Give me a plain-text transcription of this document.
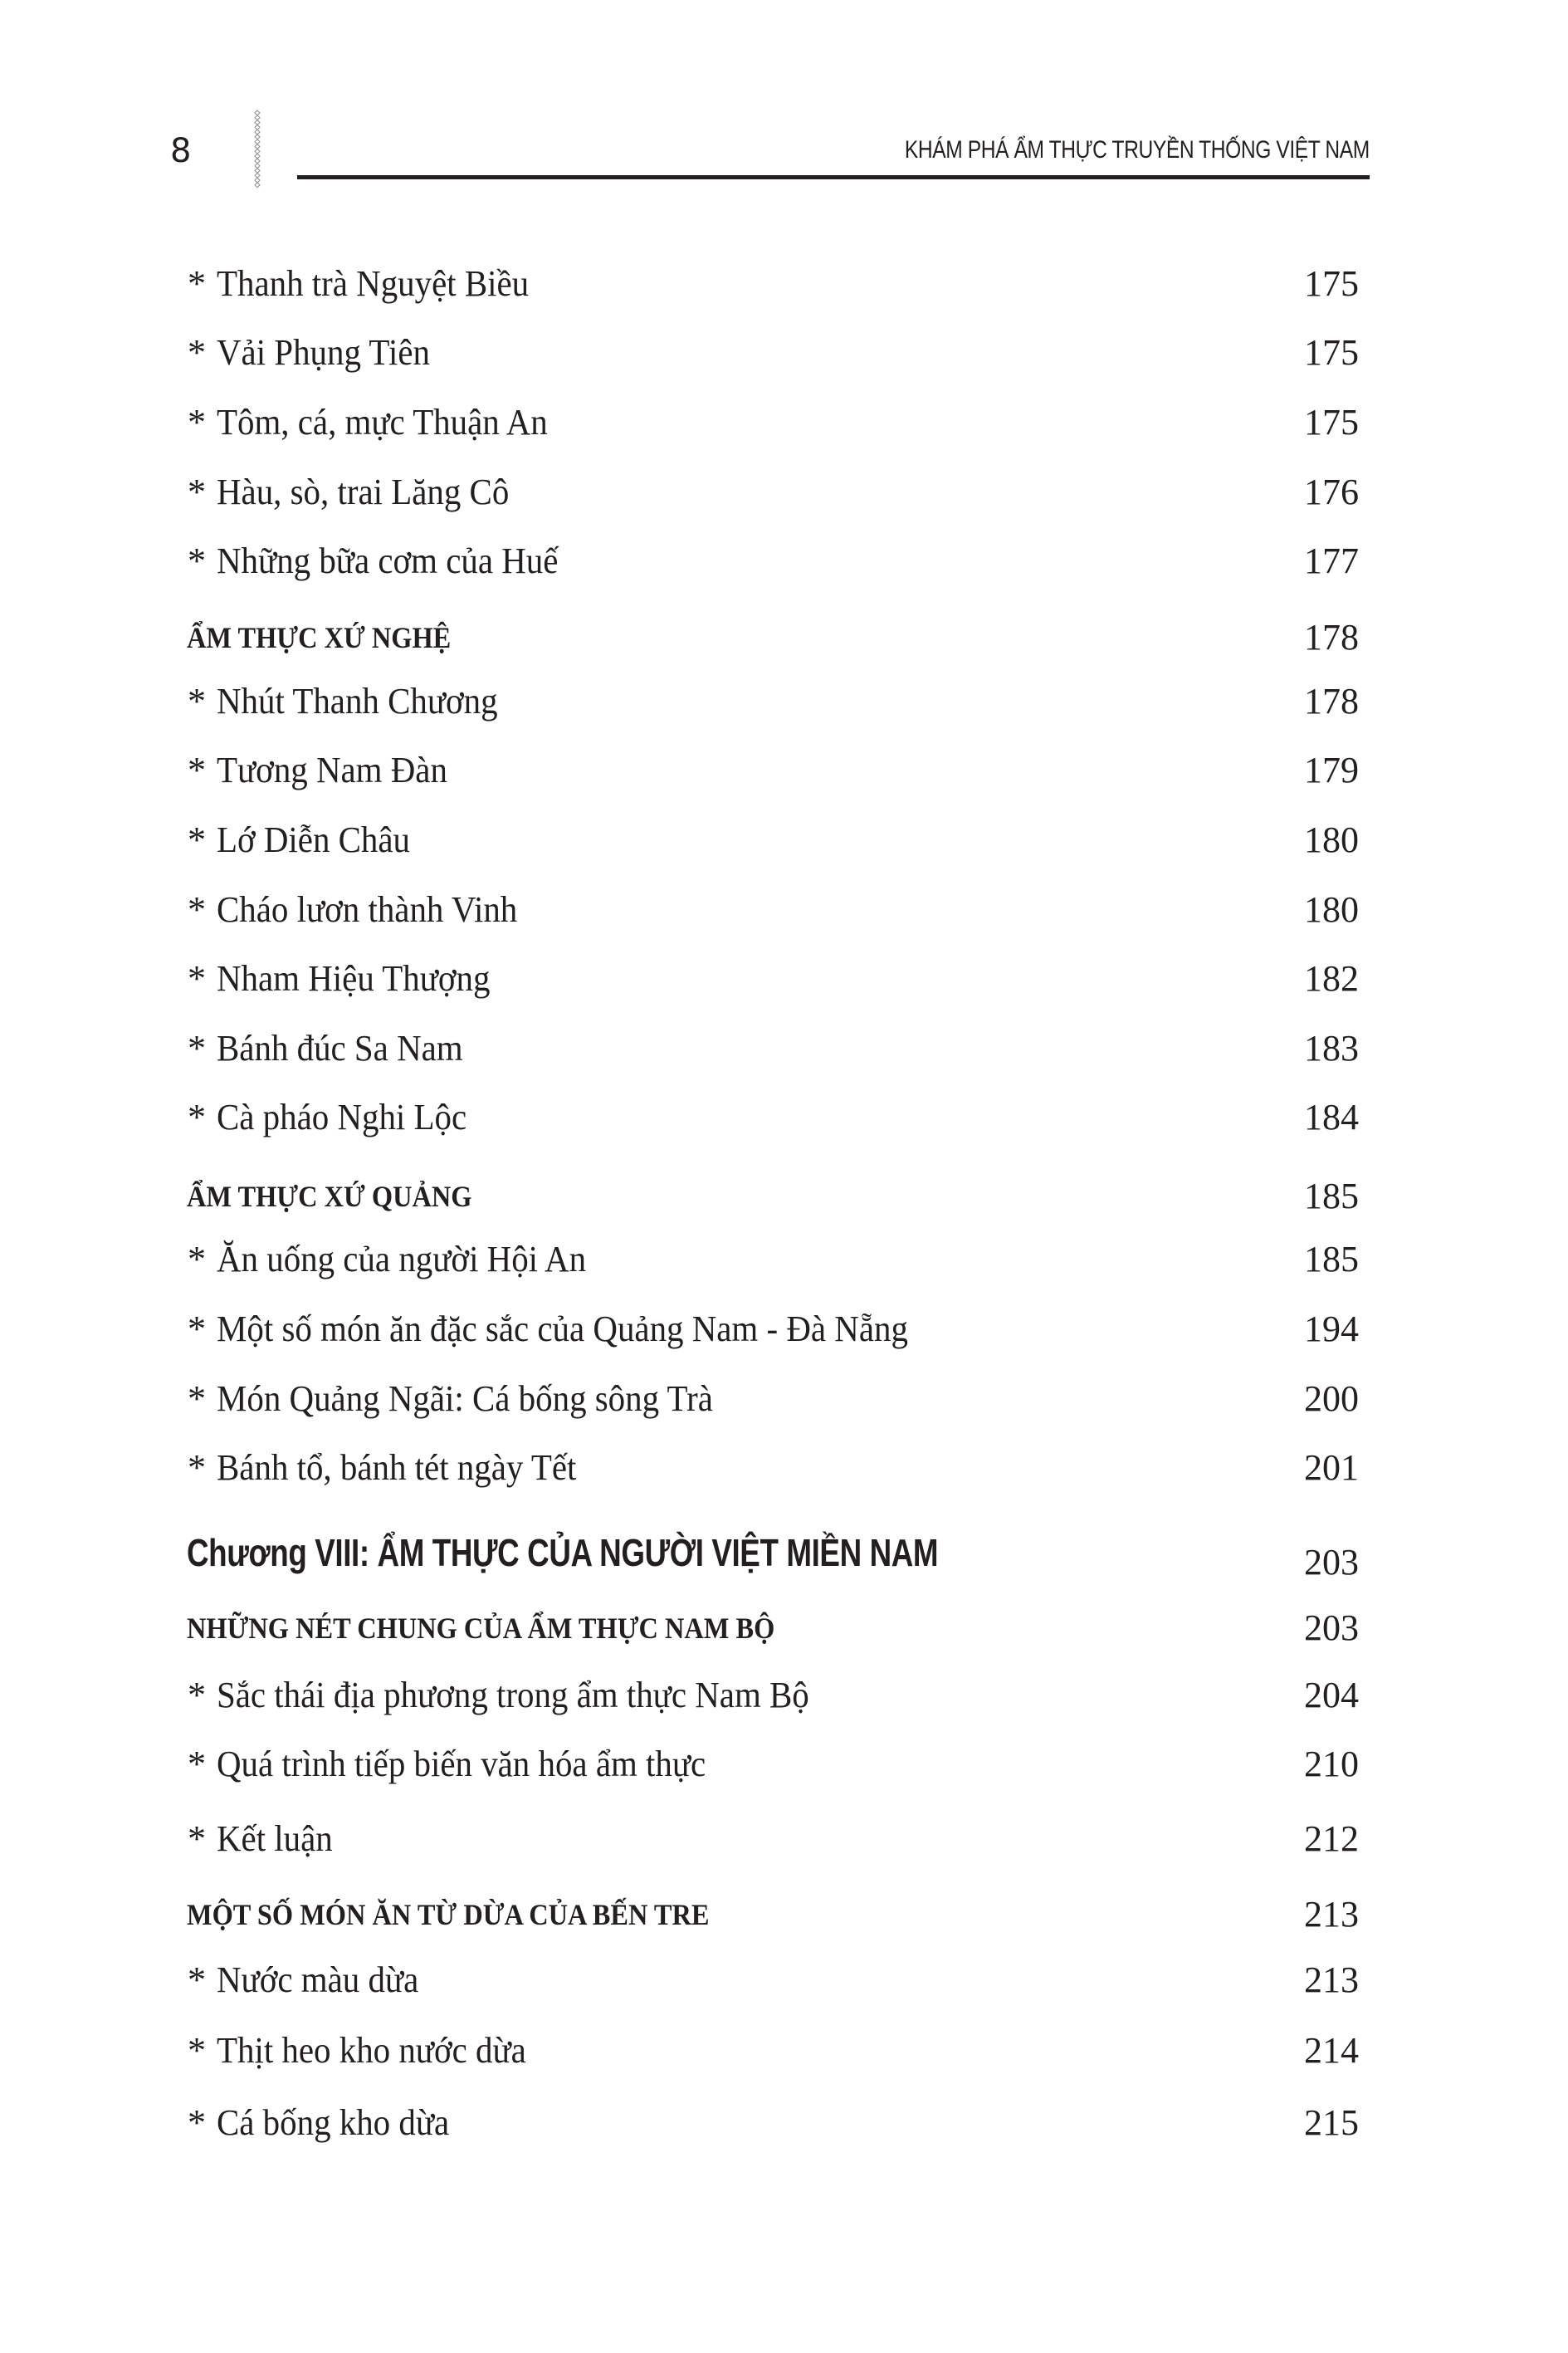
8	KHÁM PHÁ ẨM THỰC TRUYỀN THỐNG VIỆT NAM
* Thanh trà Nguyệt Biều	175
* Vải Phụng Tiên	175
* Tôm, cá, mực Thuận An	175
* Hàu, sò, trai Lăng Cô	176
* Những bữa cơm của Huế	177
ẨM THỰC XỨ NGHỆ	178
* Nhút Thanh Chương	178
* Tương Nam Đàn	179
* Lớ Diễn Châu	180
* Cháo lươn thành Vinh	180
* Nham Hiệu Thượng	182
* Bánh đúc Sa Nam	183
* Cà pháo Nghi Lộc	184
ẨM THỰC XỨ QUẢNG	185
* Ăn uống của người Hội An	185
* Một số món ăn đặc sắc của Quảng Nam - Đà Nẵng	194
* Món Quảng Ngãi: Cá bống sông Trà	200
* Bánh tổ, bánh tét ngày Tết	201
Chương VIII: ẨM THỰC CỦA NGƯỜI VIỆT MIỀN NAM	203
NHỮNG NÉT CHUNG CỦA ẨM THỰC NAM BỘ	203
* Sắc thái địa phương trong ẩm thực Nam Bộ	204
* Quá trình tiếp biến văn hóa ẩm thực	210
* Kết luận	212
MỘT SỐ MÓN ĂN TỪ DỪA CỦA BẾN TRE	213
* Nước màu dừa	213
* Thịt heo kho nước dừa	214
* Cá bống kho dừa	215
